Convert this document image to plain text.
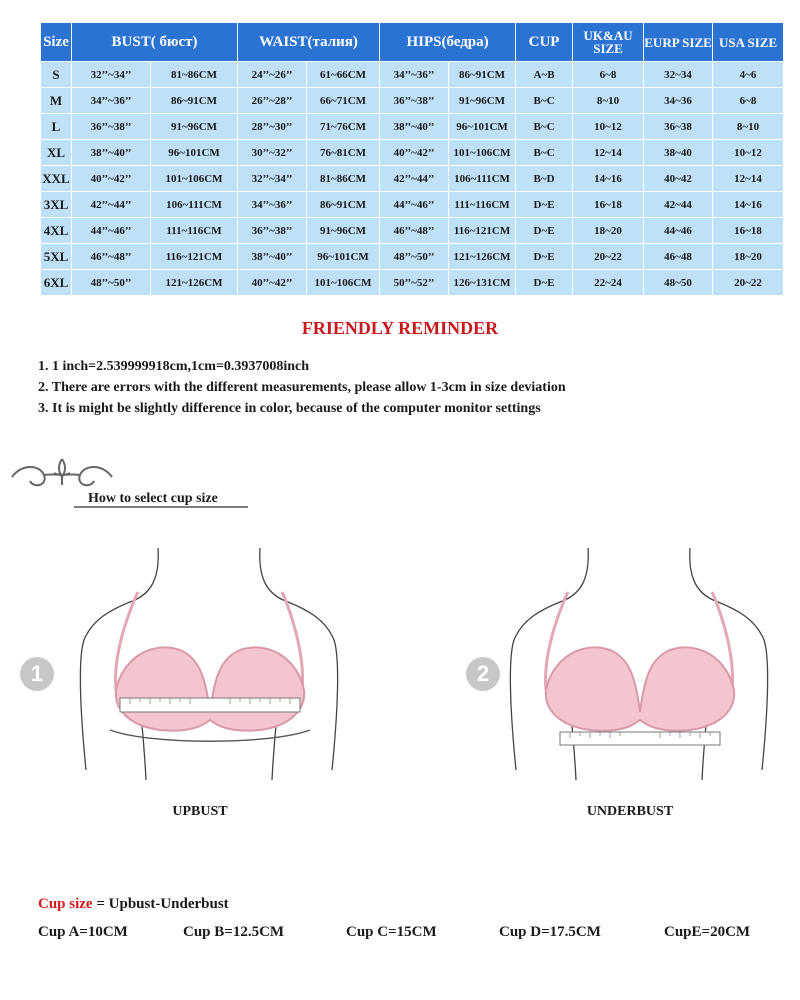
Size	BUST( бюст)		WAIST(талия)		HIPS(бедра)		CUP	UK&AU SIZE	EURP SIZE	USA SIZE
S	32’’~34’’	81~86CM	24’’~26’’	61~66CM	34’’~36’’	86~91CM	A~B	6~8	32~34	4~6
M	34’’~36’’	86~91CM	26’’~28’’	66~71CM	36’’~38’’	91~96CM	B~C	8~10	34~36	6~8
L	36’’~38’’	91~96CM	28’’~30’’	71~76CM	38’’~40’’	96~101CM	B~C	10~12	36~38	8~10
XL	38’’~40’’	96~101CM	30’’~32’’	76~81CM	40’’~42’’	101~106CM	B~C	12~14	38~40	10~12
XXL	40’’~42’’	101~106CM	32’’~34’’	81~86CM	42’’~44’’	106~111CM	B~D	14~16	40~42	12~14
3XL	42’’~44’’	106~111CM	34’’~36’’	86~91CM	44’’~46’’	111~116CM	D~E	16~18	42~44	14~16
4XL	44’’~46’’	111~116CM	36’’~38’’	91~96CM	46’’~48’’	116~121CM	D~E	18~20	44~46	16~18
5XL	46’’~48’’	116~121CM	38’’~40’’	96~101CM	48’’~50’’	121~126CM	D~E	20~22	46~48	18~20
6XL	48’’~50’’	121~126CM	40’’~42’’	101~106CM	50’’~52’’	126~131CM	D~E	22~24	48~50	20~22
FRIENDLY REMINDER
1. 1 inch=2.539999918cm,1cm=0.3937008inch
2. There are errors with the different measurements, please allow 1-3cm in size deviation
3. It is might be slightly difference in color, because of the computer monitor settings
How to select cup size
1
UPBUST
2
UNDERBUST
Cup size = Upbust-Underbust
Cup A=10CM	Cup B=12.5CM	Cup C=15CM	Cup D=17.5CM	CupE=20CM
